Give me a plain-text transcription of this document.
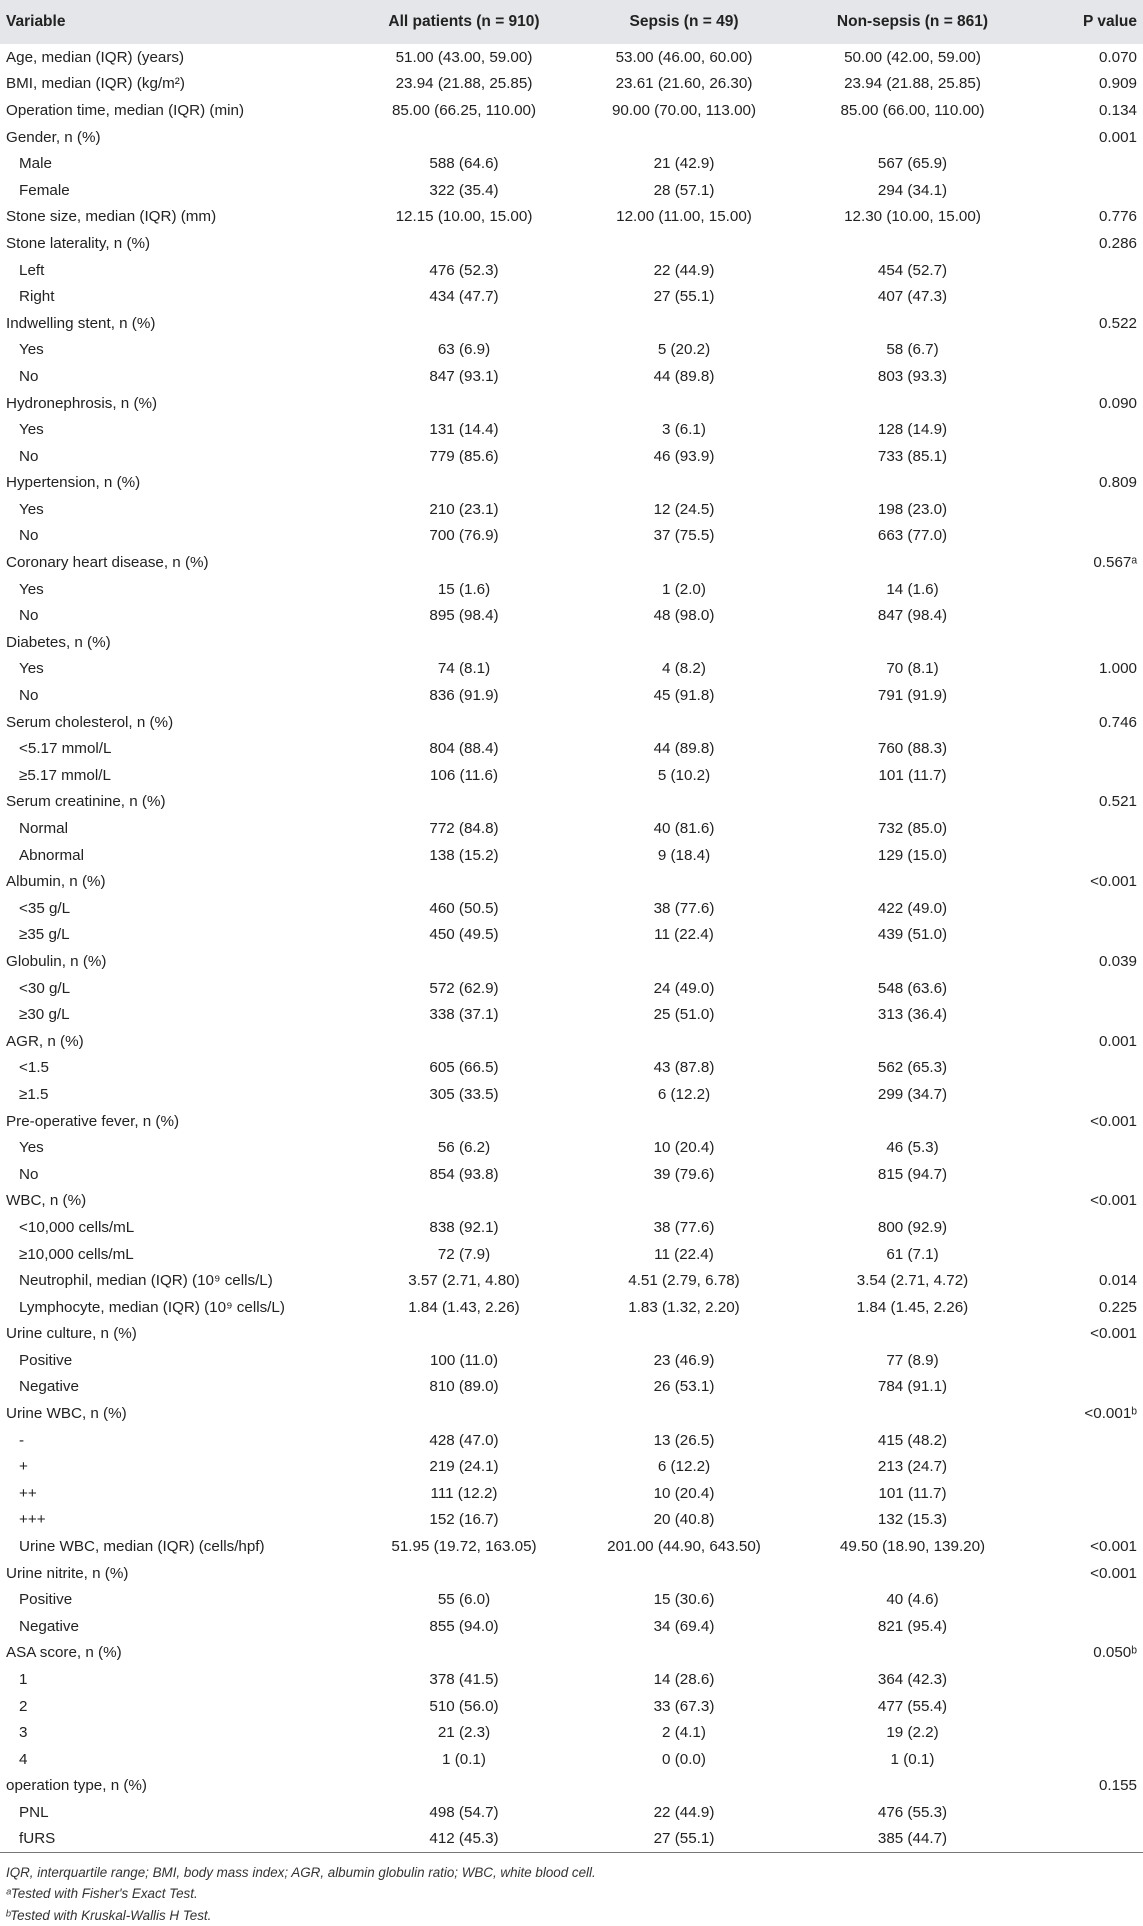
Variable	All patients (n = 910)	Sepsis (n = 49)	Non-sepsis (n = 861)	P value
Age, median (IQR) (years)	51.00 (43.00, 59.00)	53.00 (46.00, 60.00)	50.00 (42.00, 59.00)	0.070
BMI, median (IQR) (kg/m²)	23.94 (21.88, 25.85)	23.61 (21.60, 26.30)	23.94 (21.88, 25.85)	0.909
Operation time, median (IQR) (min)	85.00 (66.25, 110.00)	90.00 (70.00, 113.00)	85.00 (66.00, 110.00)	0.134
Gender, n (%)				0.001
Male	588 (64.6)	21 (42.9)	567 (65.9)	
Female	322 (35.4)	28 (57.1)	294 (34.1)	
Stone size, median (IQR) (mm)	12.15 (10.00, 15.00)	12.00 (11.00, 15.00)	12.30 (10.00, 15.00)	0.776
Stone laterality, n (%)				0.286
Left	476 (52.3)	22 (44.9)	454 (52.7)	
Right	434 (47.7)	27 (55.1)	407 (47.3)	
Indwelling stent, n (%)				0.522
Yes	63 (6.9)	5 (20.2)	58 (6.7)	
No	847 (93.1)	44 (89.8)	803 (93.3)	
Hydronephrosis, n (%)				0.090
Yes	131 (14.4)	3 (6.1)	128 (14.9)	
No	779 (85.6)	46 (93.9)	733 (85.1)	
Hypertension, n (%)				0.809
Yes	210 (23.1)	12 (24.5)	198 (23.0)	
No	700 (76.9)	37 (75.5)	663 (77.0)	
Coronary heart disease, n (%)				0.567ᵃ
Yes	15 (1.6)	1 (2.0)	14 (1.6)	
No	895 (98.4)	48 (98.0)	847 (98.4)	
Diabetes, n (%)				
Yes	74 (8.1)	4 (8.2)	70 (8.1)	1.000
No	836 (91.9)	45 (91.8)	791 (91.9)	
Serum cholesterol, n (%)				0.746
<5.17 mmol/L	804 (88.4)	44 (89.8)	760 (88.3)	
≥5.17 mmol/L	106 (11.6)	5 (10.2)	101 (11.7)	
Serum creatinine, n (%)				0.521
Normal	772 (84.8)	40 (81.6)	732 (85.0)	
Abnormal	138 (15.2)	9 (18.4)	129 (15.0)	
Albumin, n (%)				<0.001
<35 g/L	460 (50.5)	38 (77.6)	422 (49.0)	
≥35 g/L	450 (49.5)	11 (22.4)	439 (51.0)	
Globulin, n (%)				0.039
<30 g/L	572 (62.9)	24 (49.0)	548 (63.6)	
≥30 g/L	338 (37.1)	25 (51.0)	313 (36.4)	
AGR, n (%)				0.001
<1.5	605 (66.5)	43 (87.8)	562 (65.3)	
≥1.5	305 (33.5)	6 (12.2)	299 (34.7)	
Pre-operative fever, n (%)				<0.001
Yes	56 (6.2)	10 (20.4)	46 (5.3)	
No	854 (93.8)	39 (79.6)	815 (94.7)	
WBC, n (%)				<0.001
<10,000 cells/mL	838 (92.1)	38 (77.6)	800 (92.9)	
≥10,000 cells/mL	72 (7.9)	11 (22.4)	61 (7.1)	
Neutrophil, median (IQR) (10⁹ cells/L)	3.57 (2.71, 4.80)	4.51 (2.79, 6.78)	3.54 (2.71, 4.72)	0.014
Lymphocyte, median (IQR) (10⁹ cells/L)	1.84 (1.43, 2.26)	1.83 (1.32, 2.20)	1.84 (1.45, 2.26)	0.225
Urine culture, n (%)				<0.001
Positive	100 (11.0)	23 (46.9)	77 (8.9)	
Negative	810 (89.0)	26 (53.1)	784 (91.1)	
Urine WBC, n (%)				<0.001ᵇ
-	428 (47.0)	13 (26.5)	415 (48.2)	
+	219 (24.1)	6 (12.2)	213 (24.7)	
++	111 (12.2)	10 (20.4)	101 (11.7)	
+++	152 (16.7)	20 (40.8)	132 (15.3)	
Urine WBC, median (IQR) (cells/hpf)	51.95 (19.72, 163.05)	201.00 (44.90, 643.50)	49.50 (18.90, 139.20)	<0.001
Urine nitrite, n (%)				<0.001
Positive	55 (6.0)	15 (30.6)	40 (4.6)	
Negative	855 (94.0)	34 (69.4)	821 (95.4)	
ASA score, n (%)				0.050ᵇ
1	378 (41.5)	14 (28.6)	364 (42.3)	
2	510 (56.0)	33 (67.3)	477 (55.4)	
3	21 (2.3)	2 (4.1)	19 (2.2)	
4	1 (0.1)	0 (0.0)	1 (0.1)	
operation type, n (%)				0.155
PNL	498 (54.7)	22 (44.9)	476 (55.3)	
fURS	412 (45.3)	27 (55.1)	385 (44.7)	
IQR, interquartile range; BMI, body mass index; AGR, albumin globulin ratio; WBC, white blood cell.
ᵃTested with Fisher's Exact Test.
ᵇTested with Kruskal-Wallis H Test.
